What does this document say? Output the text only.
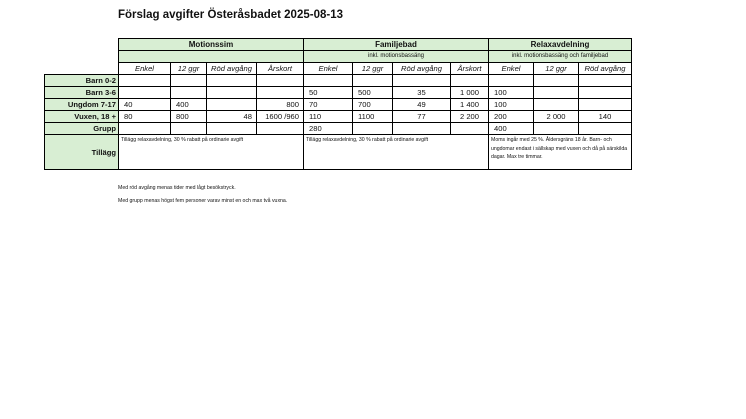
Förslag avgifter Österåsbadet 2025-08-13
	Motionssim				Familjebad				Relaxavdelning		
					inkl. motionsbassäng				inkl. motionsbassäng och familjebad		
	Enkel	12 ggr	Röd avgång	Årskort	Enkel	12 ggr	Röd avgång	Årskort	Enkel	12 ggr	Röd avgång
Barn 0-2											
Barn 3-6					50	500	35	1 000	100		
Ungdom 7-17	40	400		800	70	700	49	1 400	100		
Vuxen, 18 +	80	800	48	1600 /960	110	1100	77	2 200	200	2 000	140
Grupp					280				400		
Tillägg	Tillägg relaxavdelning, 30 % rabatt på ordinarie avgift				Tillägg relaxavdelning, 30 % rabatt på ordinarie avgift				Moms ingår med 25 %. Åldersgräns 18 år. Barn- och ungdomar endast i sällskap med vuxen och då på särskilda dagar. Max tre timmar.		
Med röd avgång menas tider med lågt besökstryck.
Med grupp menas högst fem personer varav minst en och max två vuxna.
